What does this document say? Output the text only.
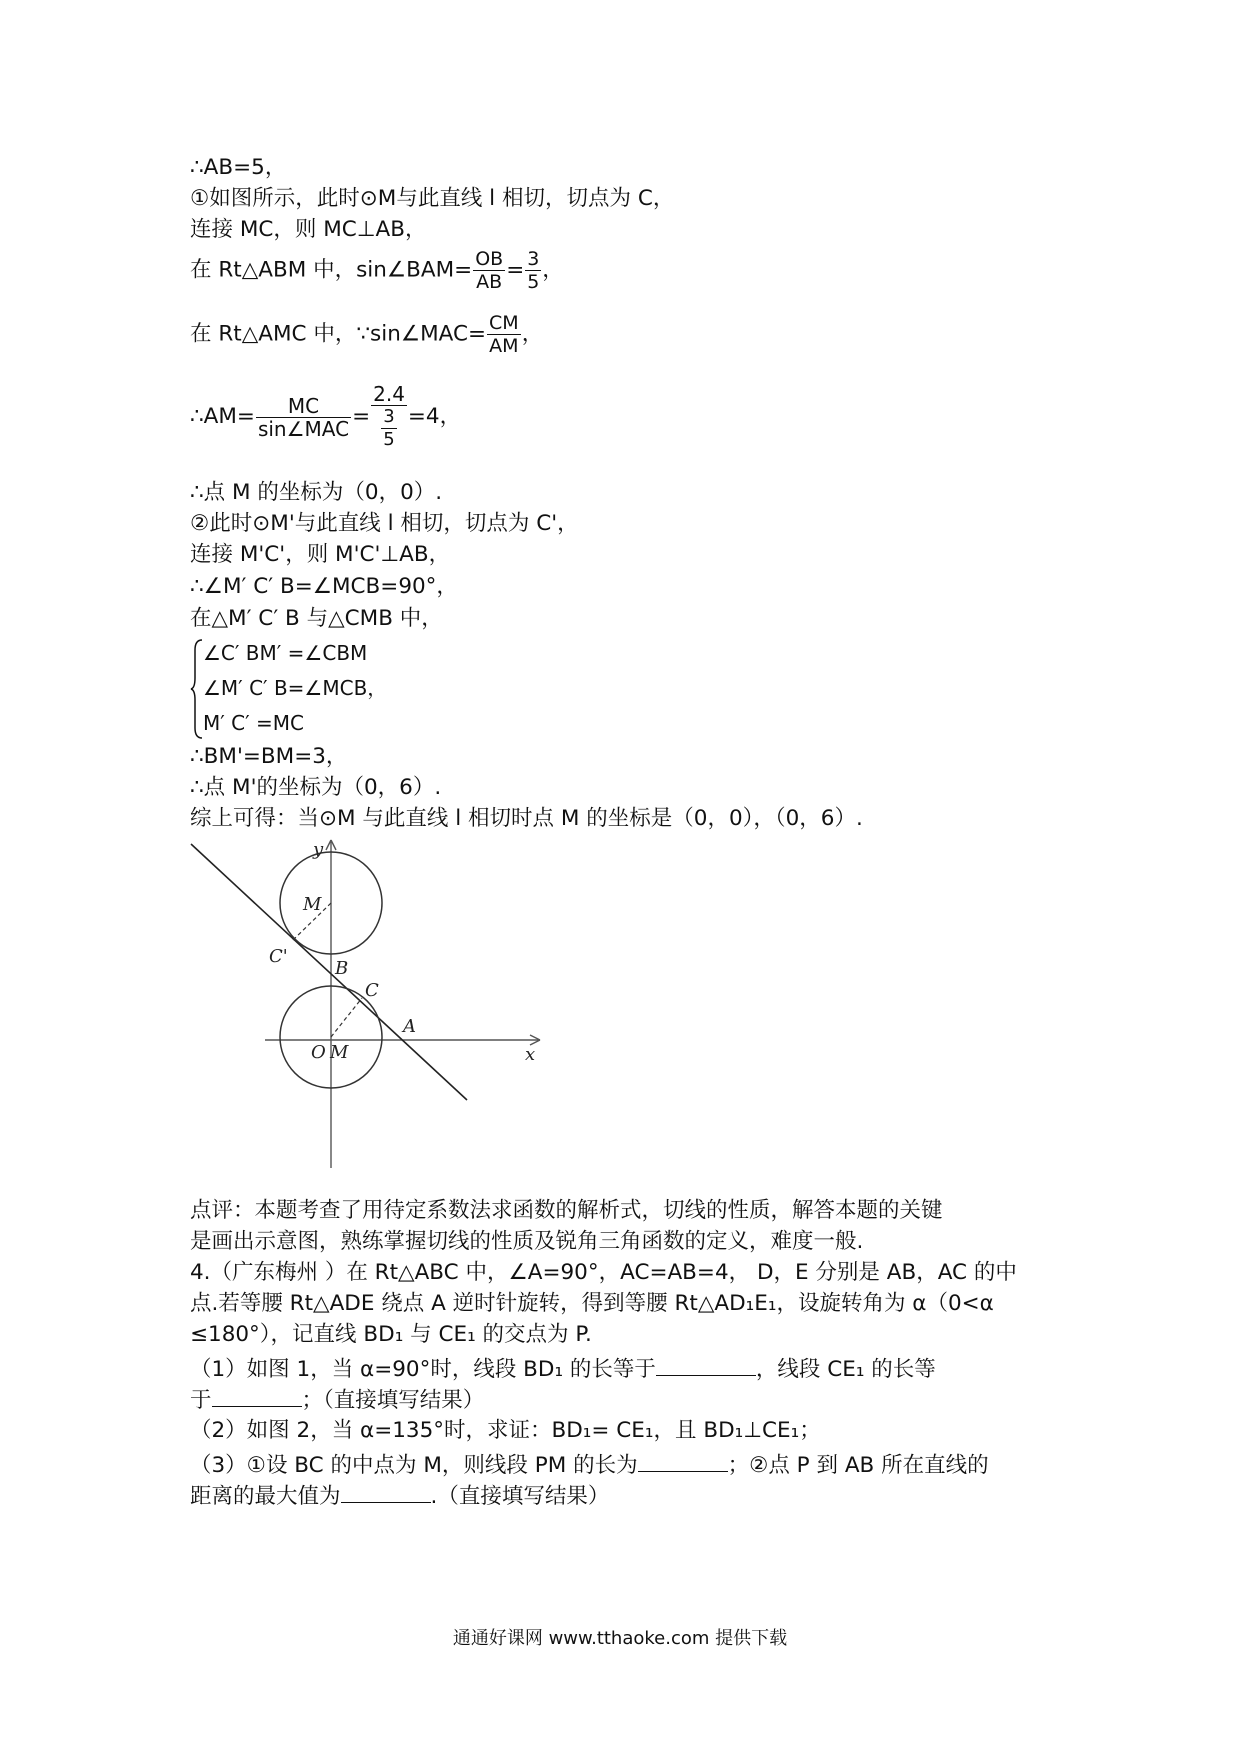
∴AB=5，
①如图所示，此时⊙M与此直线 l 相切，切点为 C，
连接 MC，则 MC⊥AB，
在 Rt△ABM 中，sin∠BAM= $\frac{OB}{AB} = \frac{3}{5}$ ，
在 Rt△AMC 中，∵sin∠MAC= $\frac{CM}{AM}$ ，
∴AM= $\frac{MC}{\text{sin∠MAC}} = \frac{2.4}{\frac{3}{5}} =4$，
∴点 M 的坐标为（0，0）.
②此时⊙M'与此直线 l 相切，切点为 C'，
连接 M'C'，则 M'C'⊥AB，
∴∠M′ C′ B=∠MCB=90°，
在△M′ C′ B 与△CMB 中，
∠C′ BM′ =∠CBM
∠M′ C′ B=∠MCB，
M′ C′ =MC
∴BM'=BM=3，
∴点 M'的坐标为（0，6）.
综上可得：当⊙M 与此直线 l 相切时点 M 的坐标是（0，0），（0，6）.
y
x
M
C'
B
C
A
O M
点评：本题考查了用待定系数法求函数的解析式，切线的性质，解答本题的关键
是画出示意图，熟练掌握切线的性质及锐角三角函数的定义，难度一般.
4.（广东梅州 ）在 Rt△ABC 中，∠A=90°，AC=AB=4， D，E 分别是 AB，AC 的中
点.若等腰 Rt△ADE 绕点 A 逆时针旋转，得到等腰 Rt△AD₁E₁，设旋转角为 α（0<α
≤180°），记直线 BD₁ 与 CE₁ 的交点为 P.
（1）如图 1，当 α=90°时，线段 BD₁ 的长等于	，线段 CE₁ 的长等
于	；（直接填写结果）
（2）如图 2，当 α=135°时，求证：BD₁= CE₁，且 BD₁⊥CE₁；
（3）①设 BC 的中点为 M，则线段 PM 的长为	；②点 P 到 AB 所在直线的
距离的最大值为	.（直接填写结果）
通通好课网 www.tthaoke.com 提供下载
